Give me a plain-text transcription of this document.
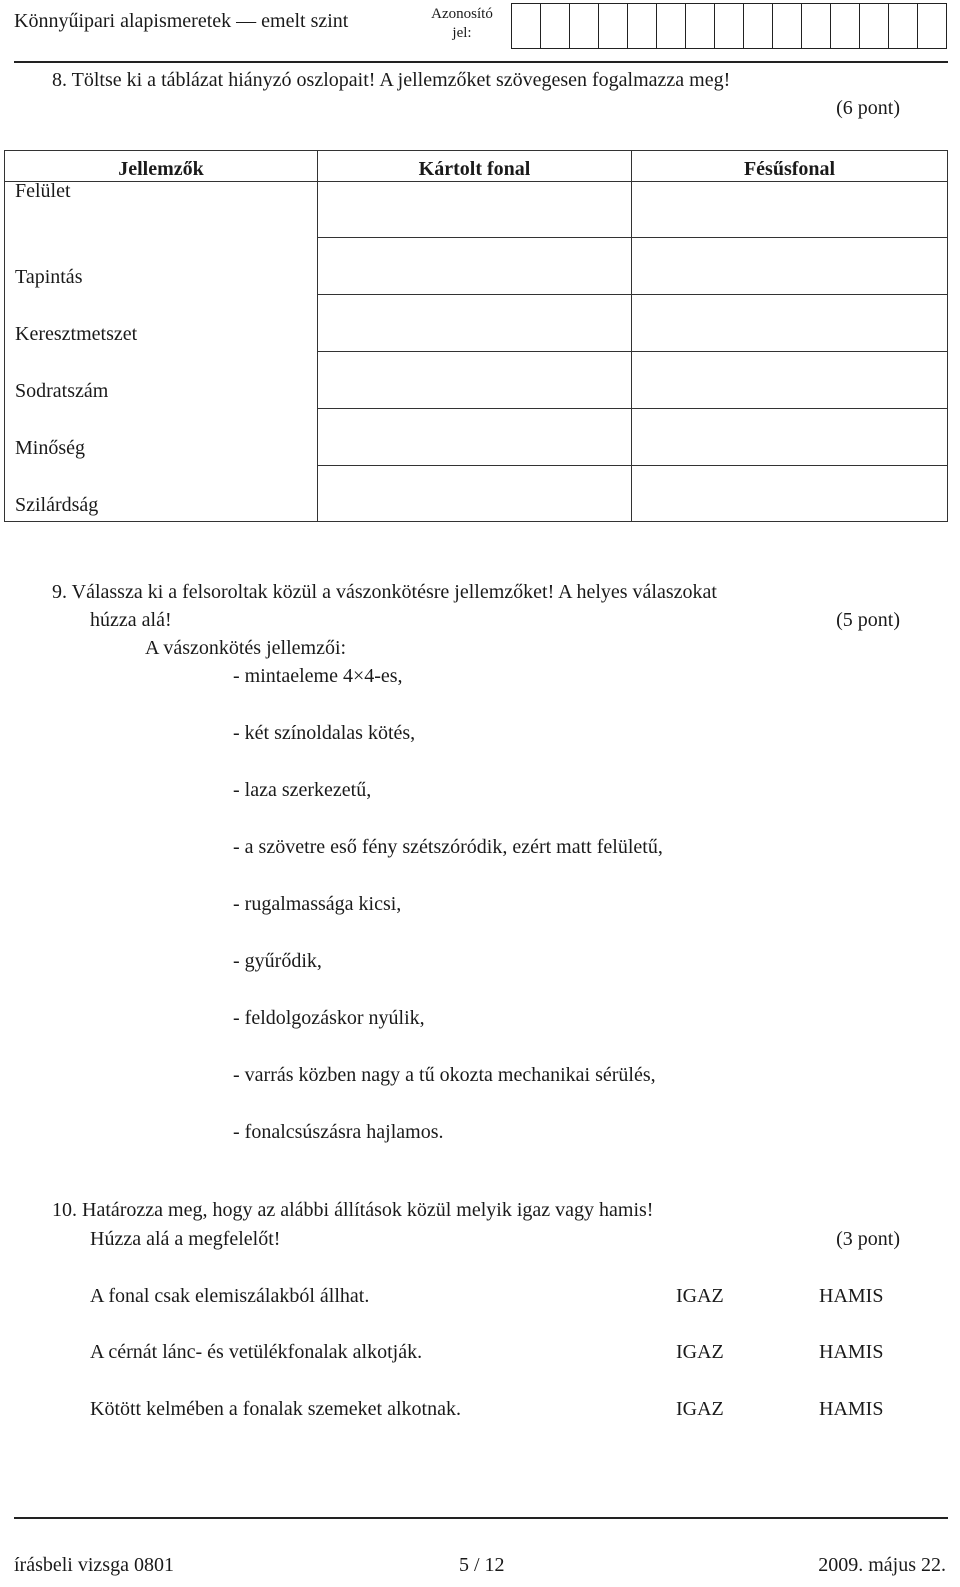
Könnyűipari alapismeretek — emelt szint	Azonosító jel:
8. Töltse ki a táblázat hiányzó oszlopait! A jellemzőket szövegesen fogalmazza meg!
(6 pont)
Jellemzők	Kártolt fonal	Fésűsfonal

Felület		

Tapintás		

Keresztmetszet		

Sodratszám		

Minőség		

Szilárdság		

9. Válassza ki a felsoroltak közül a vászonkötésre jellemzőket! A helyes válaszokat
húzza alá!	(5 pont)
A vászonkötés jellemzői:
- mintaeleme 4×4-es,
- két színoldalas kötés,
- laza szerkezetű,
- a szövetre eső fény szétszóródik, ezért matt felületű,
- rugalmassága kicsi,
- gyűrődik,
- feldolgozáskor nyúlik,
- varrás közben nagy a tű okozta mechanikai sérülés,
- fonalcsúszásra hajlamos.
10. Határozza meg, hogy az alábbi állítások közül melyik igaz vagy hamis!
Húzza alá a megfelelőt!	(3 pont)
A fonal csak elemiszálakból állhat.	IGAZ	HAMIS
A cérnát lánc- és vetülékfonalak alkotják.	IGAZ	HAMIS
Kötött kelmében a fonalak szemeket alkotnak.	IGAZ	HAMIS
írásbeli vizsga 0801	5 / 12	2009. május 22.
